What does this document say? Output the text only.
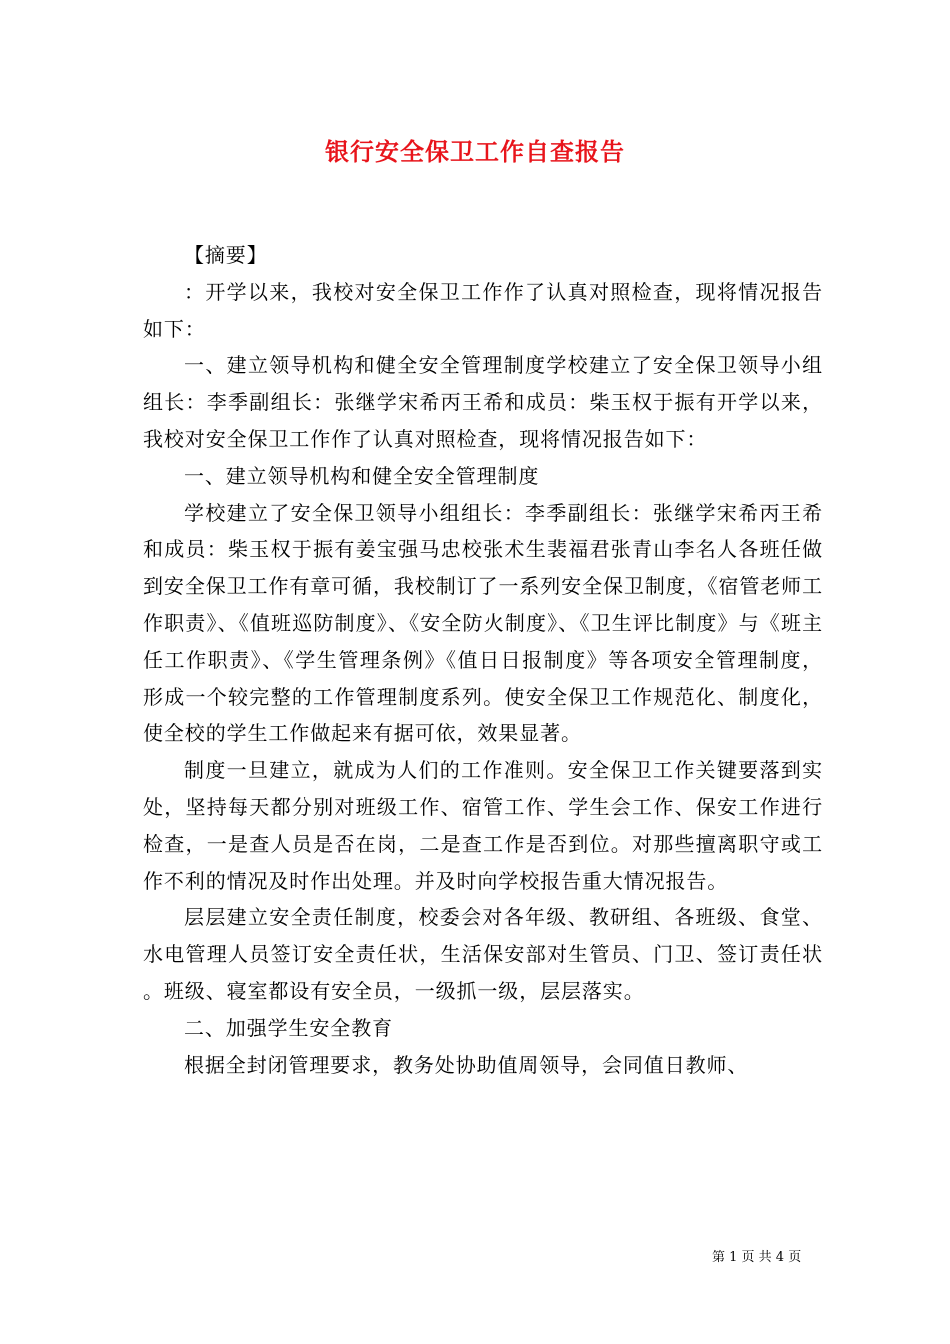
银行安全保卫工作自查报告

【摘要】

：开学以来，我校对安全保卫工作作了认真对照检查，现将情况报告如下：

一、建立领导机构和健全安全管理制度学校建立了安全保卫领导小组组长：李季副组长：张继学宋希丙王希和成员：柴玉权于振有开学以来，我校对安全保卫工作作了认真对照检查，现将情况报告如下：

一、建立领导机构和健全安全管理制度

学校建立了安全保卫领导小组组长：李季副组长：张继学宋希丙王希和成员：柴玉权于振有姜宝强马忠校张术生裴福君张青山李名人各班任做到安全保卫工作有章可循，我校制订了一系列安全保卫制度，《宿管老师工作职责》、《值班巡防制度》、《安全防火制度》、《卫生评比制度》与《班主任工作职责》、《学生管理条例》《值日日报制度》等各项安全管理制度，形成一个较完整的工作管理制度系列。使安全保卫工作规范化、制度化，使全校的学生工作做起来有据可依，效果显著。

制度一旦建立，就成为人们的工作准则。安全保卫工作关键要落到实处，坚持每天都分别对班级工作、宿管工作、学生会工作、保安工作进行检查，一是查人员是否在岗，二是查工作是否到位。对那些擅离职守或工作不利的情况及时作出处理。并及时向学校报告重大情况报告。

层层建立安全责任制度，校委会对各年级、教研组、各班级、食堂、水电管理人员签订安全责任状，生活保安部对生管员、门卫、签订责任状。班级、寝室都设有安全员，一级抓一级，层层落实。

二、加强学生安全教育

根据全封闭管理要求，教务处协助值周领导，会同值日教师、

第 1 页 共 4 页
